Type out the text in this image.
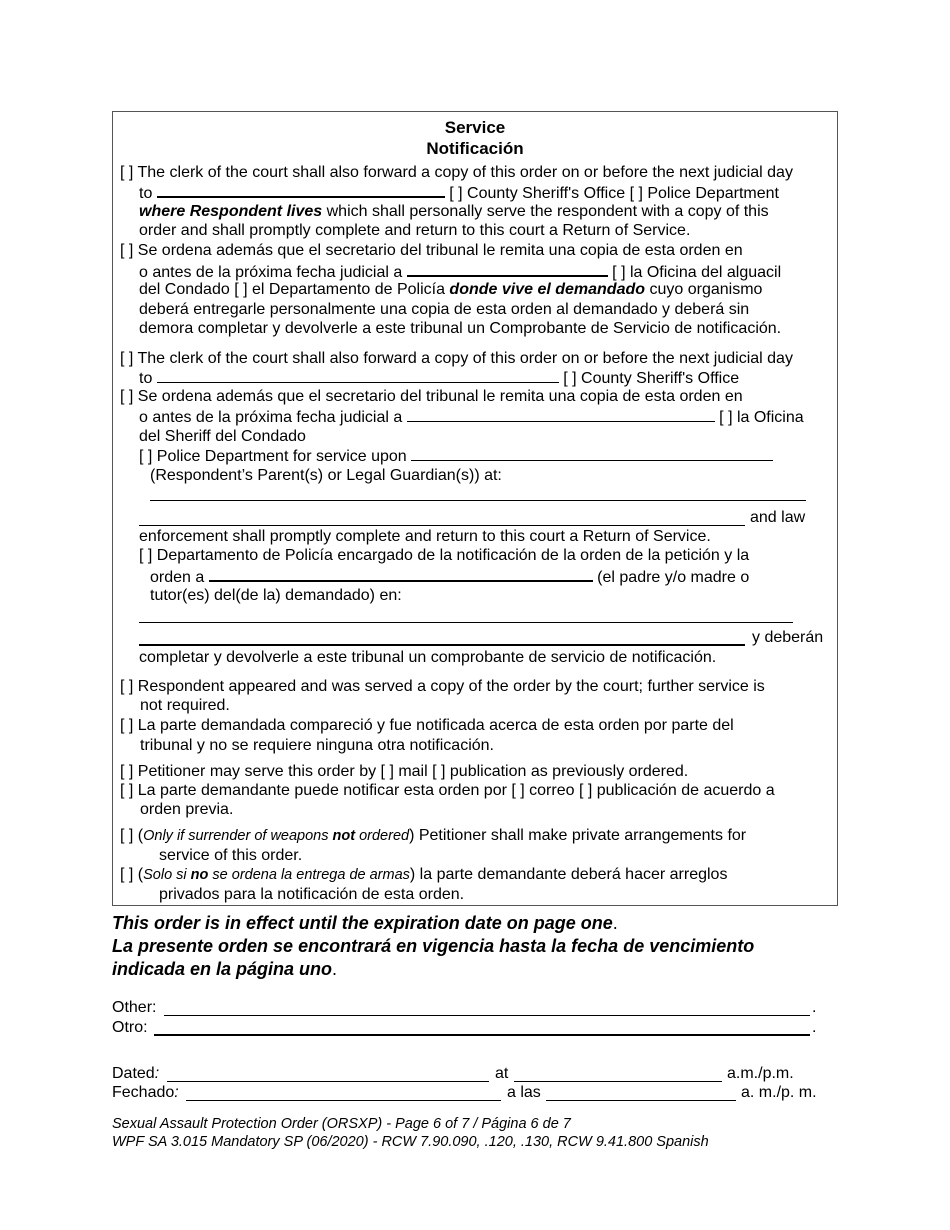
Service
Notificación
[ ] The clerk of the court shall also forward a copy of this order on or before the next judicial day
to	[ ] County Sheriff's Office [ ] Police Department
where Respondent lives which shall personally serve the respondent with a copy of this
order and shall promptly complete and return to this court a Return of Service.
[ ] Se ordena además que el secretario del tribunal le remita una copia de esta orden en
o antes de la próxima fecha judicial a	[ ] la Oficina del alguacil
del Condado [ ] el Departamento de Policía donde vive el demandado cuyo organismo
deberá entregarle personalmente una copia de esta orden al demandado y deberá sin
demora completar y devolverle a este tribunal un Comprobante de Servicio de notificación.
[ ] The clerk of the court shall also forward a copy of this order on or before the next judicial day
to	[ ] County Sheriff's Office
[ ] Se ordena además que el secretario del tribunal le remita una copia de esta orden en
o antes de la próxima fecha judicial a	[ ] la Oficina
del Sheriff del Condado
[ ] Police Department for service upon
(Respondent’s Parent(s) or Legal Guardian(s)) at:
and law
enforcement shall promptly complete and return to this court a Return of Service.
[ ] Departamento de Policía encargado de la notificación de la orden de la petición y la
orden a	(el padre y/o madre o
tutor(es) del(de la) demandado) en:
y deberán
completar y devolverle a este tribunal un comprobante de servicio de notificación.
[ ] Respondent appeared and was served a copy of the order by the court; further service is
not required.
[ ] La parte demandada compareció y fue notificada acerca de esta orden por parte del
tribunal y no se requiere ninguna otra notificación.
[ ] Petitioner may serve this order by [ ] mail [ ] publication as previously ordered.
[ ] La parte demandante puede notificar esta orden por [ ] correo [ ] publicación de acuerdo a
orden previa.
[ ] (Only if surrender of weapons not ordered) Petitioner shall make private arrangements for
service of this order.
[ ] (Solo si no se ordena la entrega de armas) la parte demandante deberá hacer arreglos
privados para la notificación de esta orden.
This order is in effect until the expiration date on page one.
La presente orden se encontrará en vigencia hasta la fecha de vencimiento
indicada en la página uno.
Other:	.
Otro:	.
Dated:	at	a.m./p.m.
Fechado:	a las	a. m./p. m.
Sexual Assault Protection Order (ORSXP) - Page 6 of 7 / Página 6 de 7
WPF SA 3.015 Mandatory SP (06/2020) - RCW 7.90.090, .120, .130, RCW 9.41.800 Spanish
